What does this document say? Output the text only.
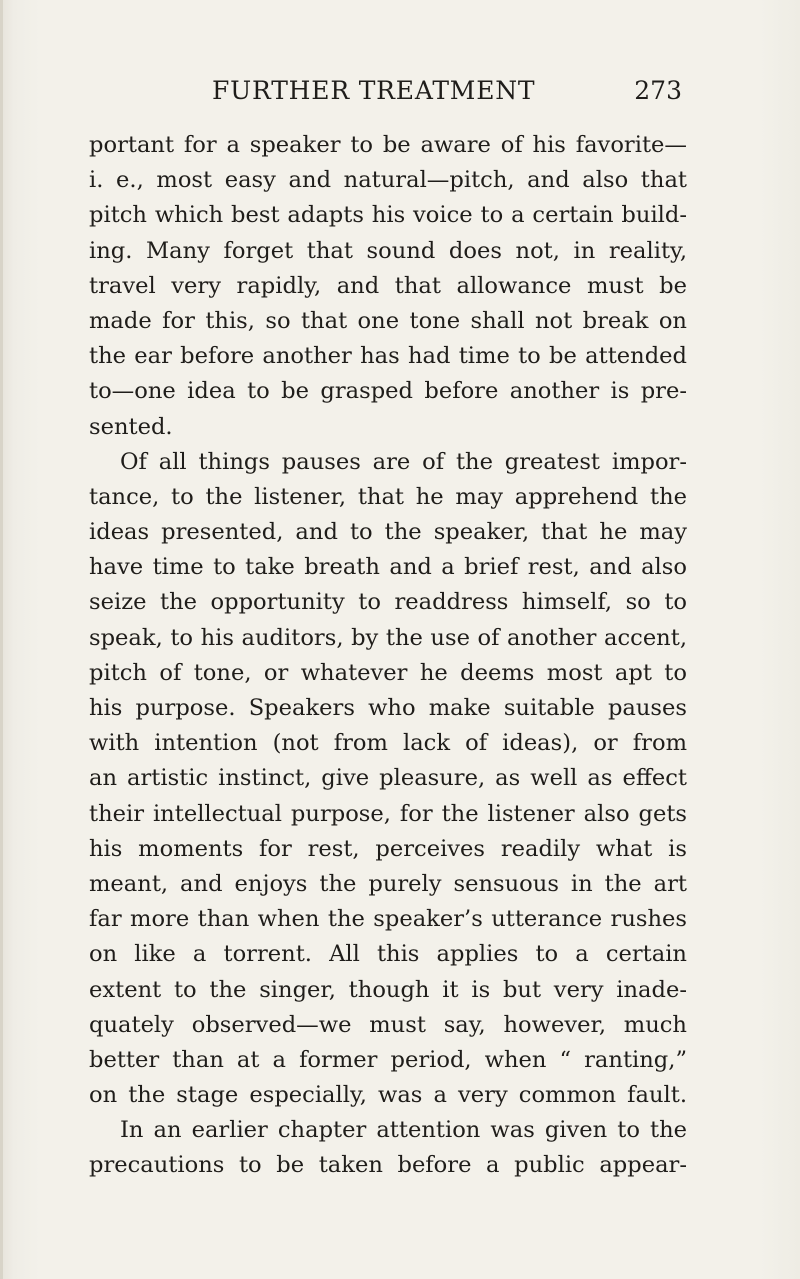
FURTHER TREATMENT	273
portant for a speaker to be aware of his favorite—
i. e., most easy and natural—pitch, and also that
pitch which best adapts his voice to a certain build-
ing. Many forget that sound does not, in reality,
travel very rapidly, and that allowance must be
made for this, so that one tone shall not break on
the ear before another has had time to be attended
to—one idea to be grasped before another is pre-
sented.
Of all things pauses are of the greatest impor-
tance, to the listener, that he may apprehend the
ideas presented, and to the speaker, that he may
have time to take breath and a brief rest, and also
seize the opportunity to readdress himself, so to
speak, to his auditors, by the use of another accent,
pitch of tone, or whatever he deems most apt to
his purpose. Speakers who make suitable pauses
with intention (not from lack of ideas), or from
an artistic instinct, give pleasure, as well as effect
their intellectual purpose, for the listener also gets
his moments for rest, perceives readily what is
meant, and enjoys the purely sensuous in the art
far more than when the speaker’s utterance rushes
on like a torrent. All this applies to a certain
extent to the singer, though it is but very inade-
quately observed—we must say, however, much
better than at a former period, when “ ranting,”
on the stage especially, was a very common fault.
In an earlier chapter attention was given to the
precautions to be taken before a public appear-
